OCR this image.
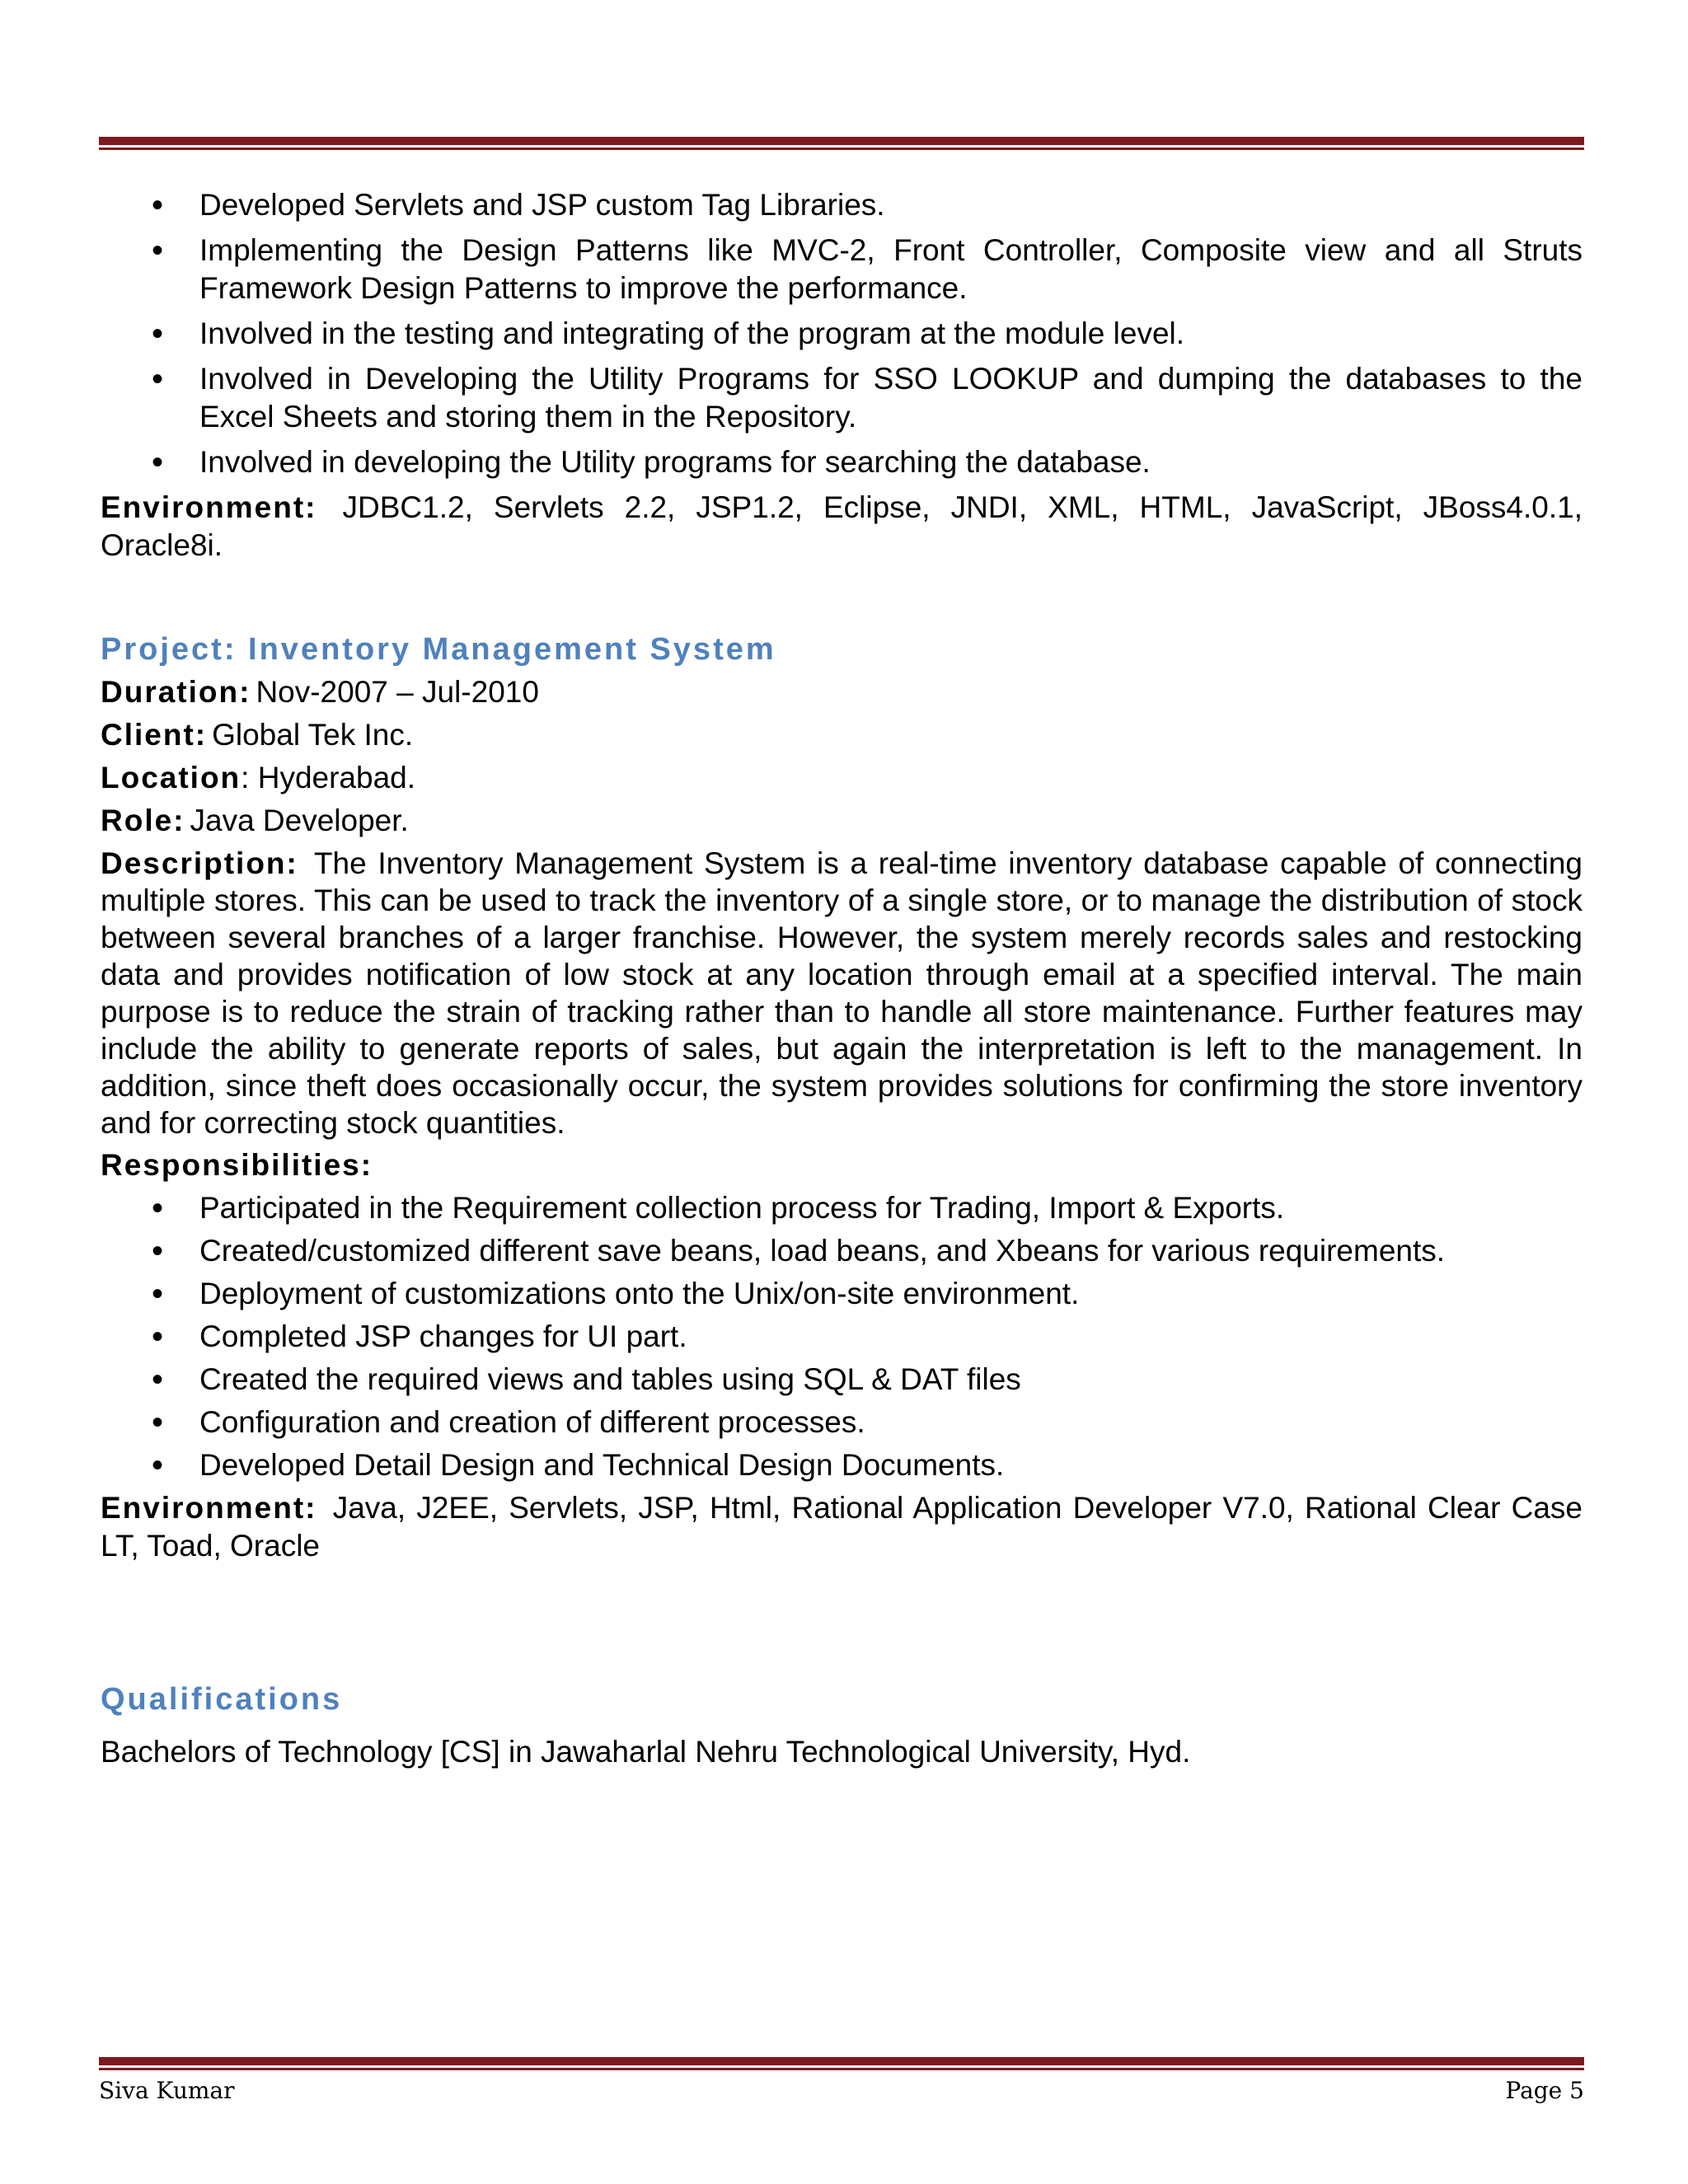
• Developed Servlets and JSP custom Tag Libraries.
• Implementing the Design Patterns like MVC-2, Front Controller, Composite view and all Struts Framework Design Patterns to improve the performance.
• Involved in the testing and integrating of the program at the module level.
• Involved in Developing the Utility Programs for SSO LOOKUP and dumping the databases to the Excel Sheets and storing them in the Repository.
• Involved in developing the Utility programs for searching the database.
Environment: JDBC1.2, Servlets 2.2, JSP1.2, Eclipse, JNDI, XML, HTML, JavaScript, JBoss4.0.1, Oracle8i.
Project: Inventory Management System
Duration: Nov-2007 – Jul-2010
Client: Global Tek Inc.
Location: Hyderabad.
Role: Java Developer.
Description: The Inventory Management System is a real-time inventory database capable of connecting multiple stores. This can be used to track the inventory of a single store, or to manage the distribution of stock between several branches of a larger franchise. However, the system merely records sales and restocking data and provides notification of low stock at any location through email at a specified interval. The main purpose is to reduce the strain of tracking rather than to handle all store maintenance. Further features may include the ability to generate reports of sales, but again the interpretation is left to the management. In addition, since theft does occasionally occur, the system provides solutions for confirming the store inventory and for correcting stock quantities.
Responsibilities:
• Participated in the Requirement collection process for Trading, Import & Exports.
• Created/customized different save beans, load beans, and Xbeans for various requirements.
• Deployment of customizations onto the Unix/on-site environment.
• Completed JSP changes for UI part.
• Created the required views and tables using SQL & DAT files
• Configuration and creation of different processes.
• Developed Detail Design and Technical Design Documents.
Environment: Java, J2EE, Servlets, JSP, Html, Rational Application Developer V7.0, Rational Clear Case LT, Toad, Oracle
Qualifications
Bachelors of Technology [CS] in Jawaharlal Nehru Technological University, Hyd.
Siva Kumar	Page 5
